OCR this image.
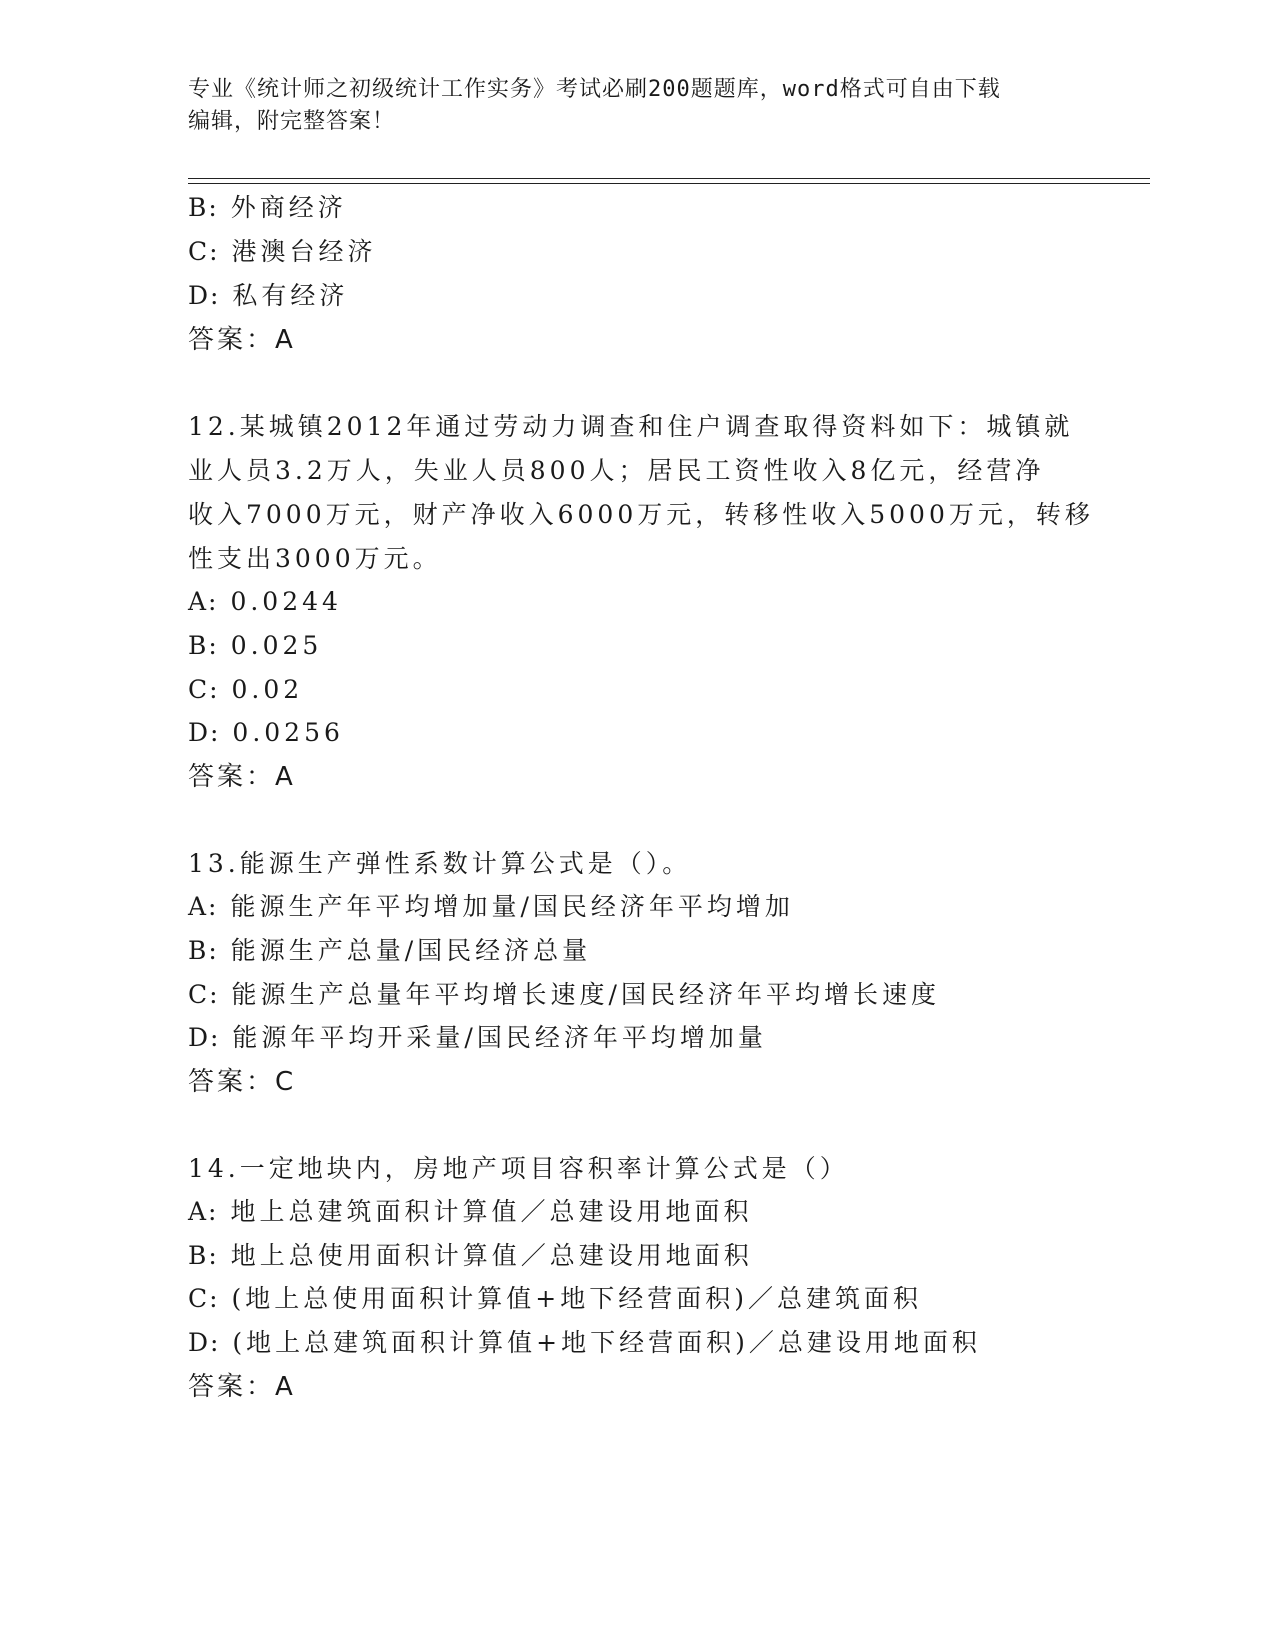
专业《统计师之初级统计工作实务》考试必刷200题题库，word格式可自由下载
编辑，附完整答案！
B: 外商经济
C: 港澳台经济
D: 私有经济
答案：A
12.某城镇2012年通过劳动力调查和住户调查取得资料如下：城镇就
业人员3.2万人，失业人员800人；居民工资性收入8亿元，经营净
收入7000万元，财产净收入6000万元，转移性收入5000万元，转移
性支出3000万元。
A: 0.0244
B: 0.025
C: 0.02
D: 0.0256
答案：A
13.能源生产弹性系数计算公式是（）。
A: 能源生产年平均增加量/国民经济年平均增加
B: 能源生产总量/国民经济总量
C: 能源生产总量年平均增长速度/国民经济年平均增长速度
D: 能源年平均开采量/国民经济年平均增加量
答案：C
14.一定地块内，房地产项目容积率计算公式是（）
A: 地上总建筑面积计算值／总建设用地面积
B: 地上总使用面积计算值／总建设用地面积
C: (地上总使用面积计算值+地下经营面积)／总建筑面积
D: (地上总建筑面积计算值+地下经营面积)／总建设用地面积
答案：A
